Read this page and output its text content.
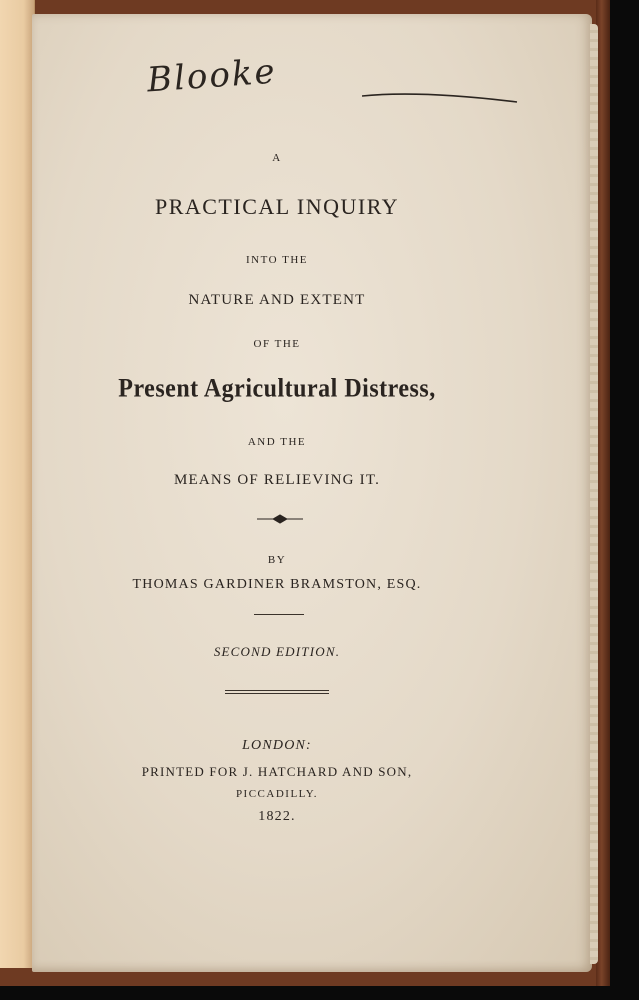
Blooke
A
PRACTICAL INQUIRY
INTO THE
NATURE AND EXTENT
OF THE
Present Agricultural Distress,
AND THE
MEANS OF RELIEVING IT.
BY
THOMAS GARDINER BRAMSTON, ESQ.
SECOND EDITION.
LONDON:
PRINTED FOR J. HATCHARD AND SON,
PICCADILLY.
1822.
